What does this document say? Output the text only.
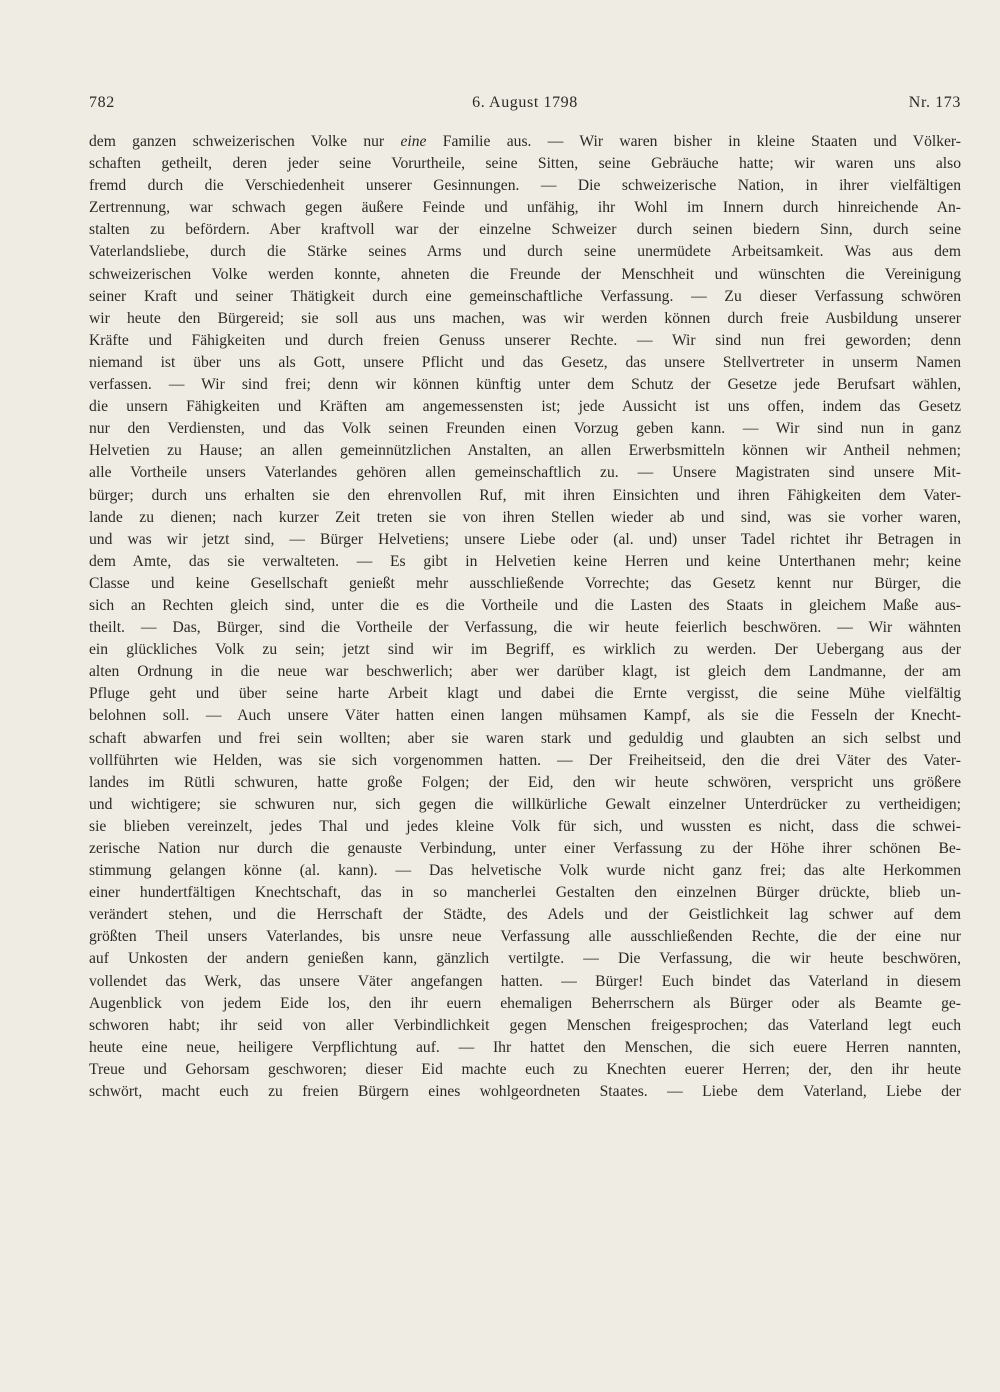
782	6. August 1798	Nr. 173
dem ganzen schweizerischen Volke nur eine Familie aus. — Wir waren bisher in kleine Staaten und Völker-
schaften getheilt, deren jeder seine Vorurtheile, seine Sitten, seine Gebräuche hatte; wir waren uns also
fremd durch die Verschiedenheit unserer Gesinnungen. — Die schweizerische Nation, in ihrer vielfältigen
Zertrennung, war schwach gegen äußere Feinde und unfähig, ihr Wohl im Innern durch hinreichende An-
stalten zu befördern. Aber kraftvoll war der einzelne Schweizer durch seinen biedern Sinn, durch seine
Vaterlandsliebe, durch die Stärke seines Arms und durch seine unermüdete Arbeitsamkeit. Was aus dem
schweizerischen Volke werden konnte, ahneten die Freunde der Menschheit und wünschten die Vereinigung
seiner Kraft und seiner Thätigkeit durch eine gemeinschaftliche Verfassung. — Zu dieser Verfassung schwören
wir heute den Bürgereid; sie soll aus uns machen, was wir werden können durch freie Ausbildung unserer
Kräfte und Fähigkeiten und durch freien Genuss unserer Rechte. — Wir sind nun frei geworden; denn
niemand ist über uns als Gott, unsere Pflicht und das Gesetz, das unsere Stellvertreter in unserm Namen
verfassen. — Wir sind frei; denn wir können künftig unter dem Schutz der Gesetze jede Berufsart wählen,
die unsern Fähigkeiten und Kräften am angemessensten ist; jede Aussicht ist uns offen, indem das Gesetz
nur den Verdiensten, und das Volk seinen Freunden einen Vorzug geben kann. — Wir sind nun in ganz
Helvetien zu Hause; an allen gemeinnützlichen Anstalten, an allen Erwerbsmitteln können wir Antheil nehmen;
alle Vortheile unsers Vaterlandes gehören allen gemeinschaftlich zu. — Unsere Magistraten sind unsere Mit-
bürger; durch uns erhalten sie den ehrenvollen Ruf, mit ihren Einsichten und ihren Fähigkeiten dem Vater-
lande zu dienen; nach kurzer Zeit treten sie von ihren Stellen wieder ab und sind, was sie vorher waren,
und was wir jetzt sind, — Bürger Helvetiens; unsere Liebe oder (al. und) unser Tadel richtet ihr Betragen in
dem Amte, das sie verwalteten. — Es gibt in Helvetien keine Herren und keine Unterthanen mehr; keine
Classe und keine Gesellschaft genießt mehr ausschließende Vorrechte; das Gesetz kennt nur Bürger, die
sich an Rechten gleich sind, unter die es die Vortheile und die Lasten des Staats in gleichem Maße aus-
theilt. — Das, Bürger, sind die Vortheile der Verfassung, die wir heute feierlich beschwören. — Wir wähnten
ein glückliches Volk zu sein; jetzt sind wir im Begriff, es wirklich zu werden. Der Uebergang aus der
alten Ordnung in die neue war beschwerlich; aber wer darüber klagt, ist gleich dem Landmanne, der am
Pfluge geht und über seine harte Arbeit klagt und dabei die Ernte vergisst, die seine Mühe vielfältig
belohnen soll. — Auch unsere Väter hatten einen langen mühsamen Kampf, als sie die Fesseln der Knecht-
schaft abwarfen und frei sein wollten; aber sie waren stark und geduldig und glaubten an sich selbst und
vollführten wie Helden, was sie sich vorgenommen hatten. — Der Freiheitseid, den die drei Väter des Vater-
landes im Rütli schwuren, hatte große Folgen; der Eid, den wir heute schwören, verspricht uns größere
und wichtigere; sie schwuren nur, sich gegen die willkürliche Gewalt einzelner Unterdrücker zu vertheidigen;
sie blieben vereinzelt, jedes Thal und jedes kleine Volk für sich, und wussten es nicht, dass die schwei-
zerische Nation nur durch die genauste Verbindung, unter einer Verfassung zu der Höhe ihrer schönen Be-
stimmung gelangen könne (al. kann). — Das helvetische Volk wurde nicht ganz frei; das alte Herkommen
einer hundertfältigen Knechtschaft, das in so mancherlei Gestalten den einzelnen Bürger drückte, blieb un-
verändert stehen, und die Herrschaft der Städte, des Adels und der Geistlichkeit lag schwer auf dem
größten Theil unsers Vaterlandes, bis unsre neue Verfassung alle ausschließenden Rechte, die der eine nur
auf Unkosten der andern genießen kann, gänzlich vertilgte. — Die Verfassung, die wir heute beschwören,
vollendet das Werk, das unsere Väter angefangen hatten. — Bürger! Euch bindet das Vaterland in diesem
Augenblick von jedem Eide los, den ihr euern ehemaligen Beherrschern als Bürger oder als Beamte ge-
schworen habt; ihr seid von aller Verbindlichkeit gegen Menschen freigesprochen; das Vaterland legt euch
heute eine neue, heiligere Verpflichtung auf. — Ihr hattet den Menschen, die sich euere Herren nannten,
Treue und Gehorsam geschworen; dieser Eid machte euch zu Knechten euerer Herren; der, den ihr heute
schwört, macht euch zu freien Bürgern eines wohlgeordneten Staates. — Liebe dem Vaterland, Liebe der
